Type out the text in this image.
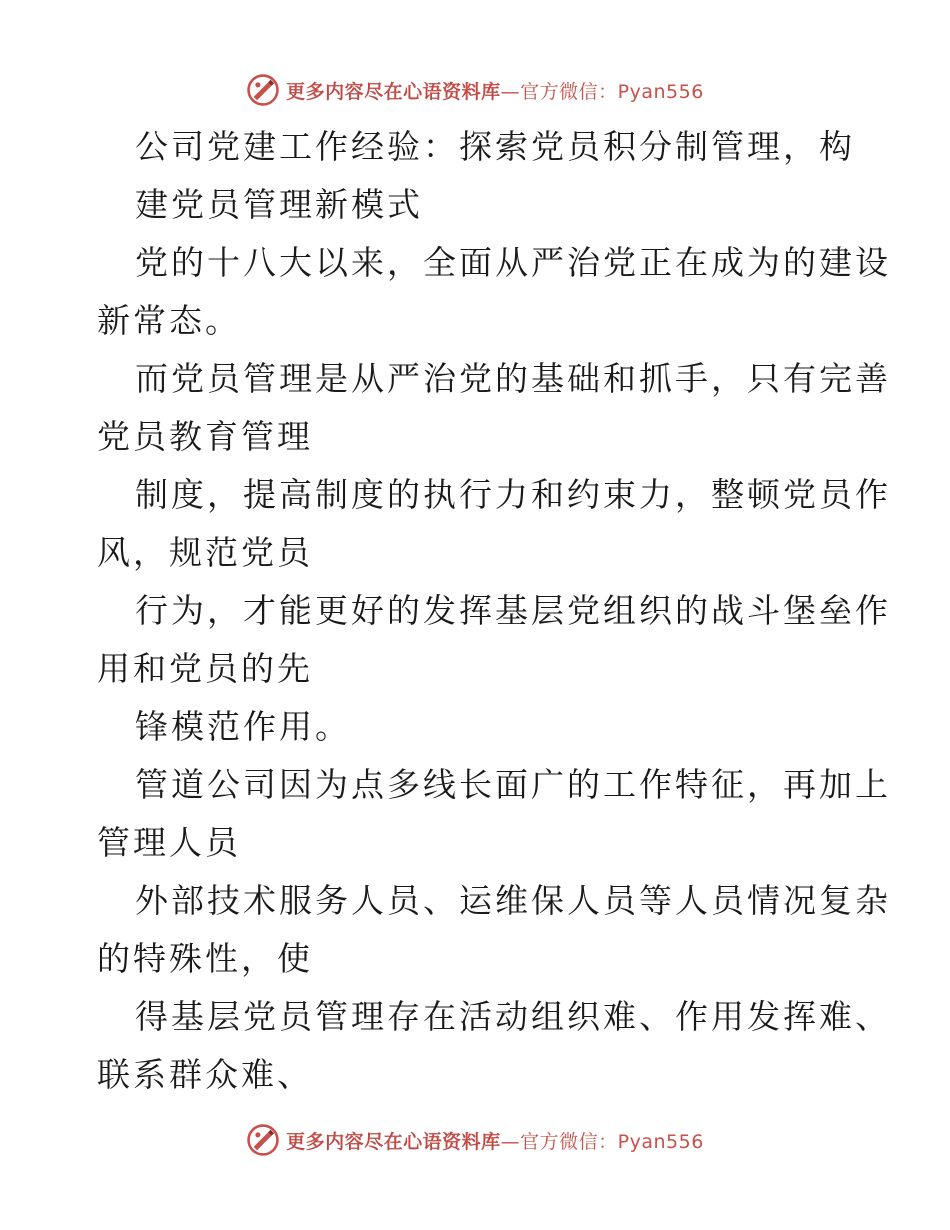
更多内容尽在心语资料库—官方微信：Pyan556
公司党建工作经验：探索党员积分制管理，构
建党员管理新模式
党的十八大以来，全面从严治党正在成为的建设
新常态。
而党员管理是从严治党的基础和抓手，只有完善
党员教育管理
制度，提高制度的执行力和约束力，整顿党员作
风，规范党员
行为，才能更好的发挥基层党组织的战斗堡垒作
用和党员的先
锋模范作用。
管道公司因为点多线长面广的工作特征，再加上
管理人员
外部技术服务人员、运维保人员等人员情况复杂
的特殊性，使
得基层党员管理存在活动组织难、作用发挥难、
联系群众难、
更多内容尽在心语资料库—官方微信：Pyan556
